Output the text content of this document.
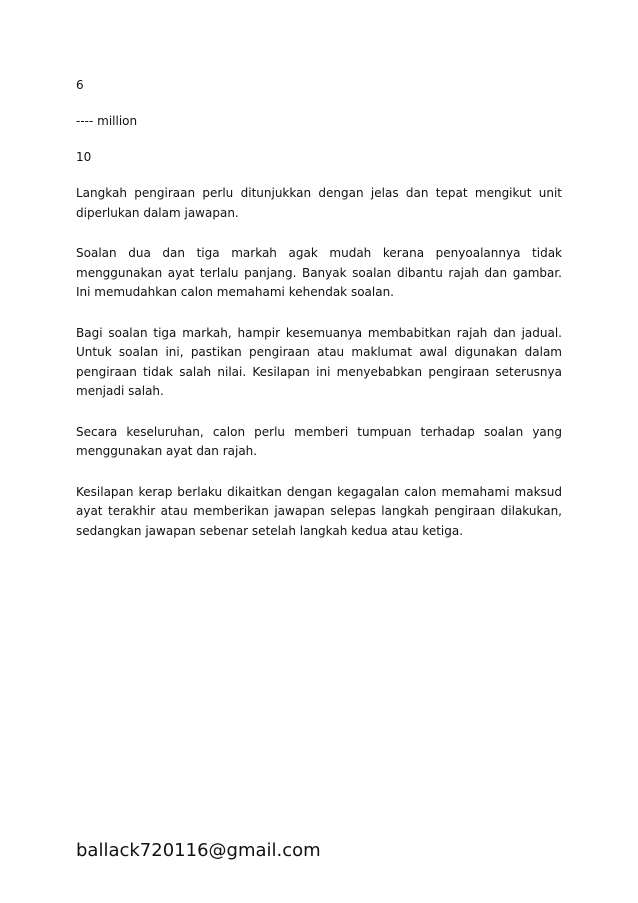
6

---- million

10

Langkah pengiraan perlu ditunjukkan dengan jelas dan tepat mengikut unit diperlukan dalam jawapan.

Soalan dua dan tiga markah agak mudah kerana penyoalannya tidak menggunakan ayat terlalu panjang. Banyak soalan dibantu rajah dan gambar. Ini memudahkan calon memahami kehendak soalan.

Bagi soalan tiga markah, hampir kesemuanya membabitkan rajah dan jadual. Untuk soalan ini, pastikan pengiraan atau maklumat awal digunakan dalam pengiraan tidak salah nilai. Kesilapan ini menyebabkan pengiraan seterusnya menjadi salah.

Secara keseluruhan, calon perlu memberi tumpuan terhadap soalan yang menggunakan ayat dan rajah.

Kesilapan kerap berlaku dikaitkan dengan kegagalan calon memahami maksud ayat terakhir atau memberikan jawapan selepas langkah pengiraan dilakukan, sedangkan jawapan sebenar setelah langkah kedua atau ketiga.

ballack720116@gmail.com
